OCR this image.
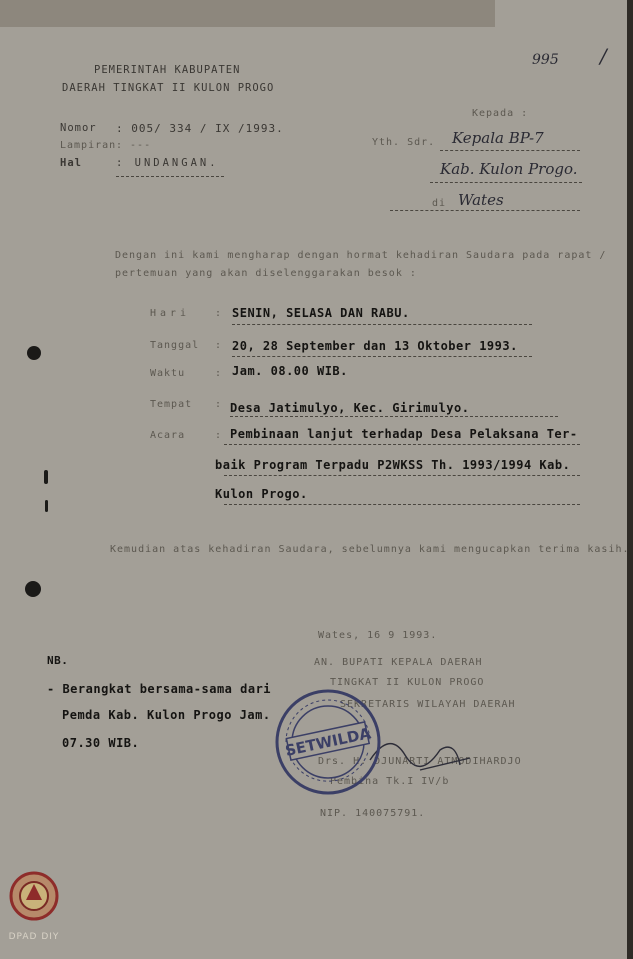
995 /
PEMERINTAH KABUPATEN
DAERAH TINGKAT II KULON PROGO
Nomor : 005/ 334 / IX /1993.
Lampiran : ---
Hal	: UNDANGAN.
Kepada :
Yth. Sdr. Kepala BP-7
Kab. Kulon Progo.
di Wates
Dengan ini kami mengharap dengan hormat kehadiran Saudara pada rapat /
pertemuan yang akan diselenggarakan besok :
Hari : SENIN, SELASA DAN RABU.
Tanggal : 20, 28 September dan 13 Oktober 1993.
Waktu	: Jam. 08.00 WIB.
Tempat : Desa Jatimulyo, Kec. Girimulyo.
Acara	: Pembinaan lanjut terhadap Desa Pelaksana Ter-
baik Program Terpadu P2WKSS Th. 1993/1994 Kab.
Kulon Progo.
Kemudian atas kehadiran Saudara, sebelumnya kami mengucapkan terima kasih.
Wates, 16 9 1993.
AN. BUPATI KEPALA DAERAH
TINGKAT II KULON PROGO
SEKRETARIS WILAYAH DAERAH
Drs. H. DJUNARTI ATMODIHARDJO
Pembina Tk.I IV/b
NIP. 140075791.
SETWILDA
NB.
- Berangkat bersama-sama dari
Pemda Kab. Kulon Progo Jam.
07.30 WIB.
DPAD DIY
